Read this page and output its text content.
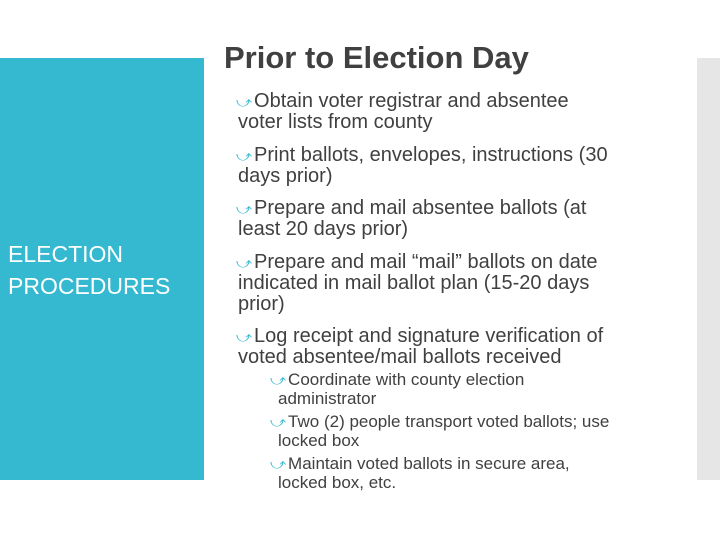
ELECTION
PROCEDURES
Prior to Election Day

⤻ Obtain voter registrar and absentee

voter lists from county

⤻ Print ballots, envelopes, instructions (30

days prior)

⤻ Prepare and mail absentee ballots (at

least 20 days prior)

⤻ Prepare and mail “mail” ballots on date

indicated in mail ballot plan (15-20 days

prior)

⤻ Log receipt and signature verification of

voted absentee/mail ballots received

⤻ Coordinate with county election

administrator

⤻ Two (2) people transport voted ballots; use

locked box

⤻ Maintain voted ballots in secure area,

locked box, etc.
